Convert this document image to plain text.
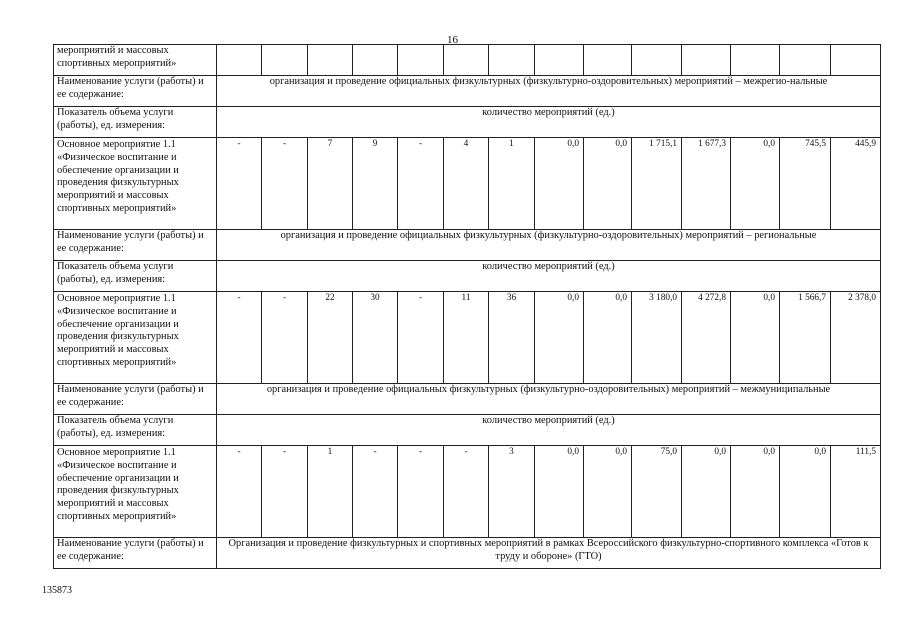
16
мероприятий и массовых спортивных мероприятий»														
Наименование услуги (работы) и ее содержание:	организация и проведение официальных физкультурных (физкультурно-оздоровительных) мероприятий – межрегио-нальные													
Показатель объема услуги (работы), ед. измерения:	количество мероприятий (ед.)													
Основное мероприятие 1.1 «Физическое воспитание и обеспечение организации и проведения физкультурных мероприятий и массовых спортивных мероприятий»	-	-	7	9	-	4	1	0,0	0,0	1 715,1	1 677,3	0,0	745,5	445,9
Наименование услуги (работы) и ее содержание:	организация и проведение официальных физкультурных (физкультурно-оздоровительных) мероприятий – региональные													
Показатель объема услуги (работы), ед. измерения:	количество мероприятий (ед.)													
Основное мероприятие 1.1 «Физическое воспитание и обеспечение организации и проведения физкультурных мероприятий и массовых спортивных мероприятий»	-	-	22	30	-	11	36	0,0	0,0	3 180,0	4 272,8	0,0	1 566,7	2 378,0
Наименование услуги (работы) и ее содержание:	организация и проведение официальных физкультурных (физкультурно-оздоровительных) мероприятий – межмуниципальные													
Показатель объема услуги (работы), ед. измерения:	количество мероприятий (ед.)													
Основное мероприятие 1.1 «Физическое воспитание и обеспечение организации и проведения физкультурных мероприятий и массовых спортивных мероприятий»	-	-	1	-	-	-	3	0,0	0,0	75,0	0,0	0,0	0,0	111,5
Наименование услуги (работы) и ее содержание:	Организация и проведение физкультурных и спортивных мероприятий в рамках Всероссийского физкультурно-спортивного комплекса «Готов к труду и обороне» (ГТО)													
135873
